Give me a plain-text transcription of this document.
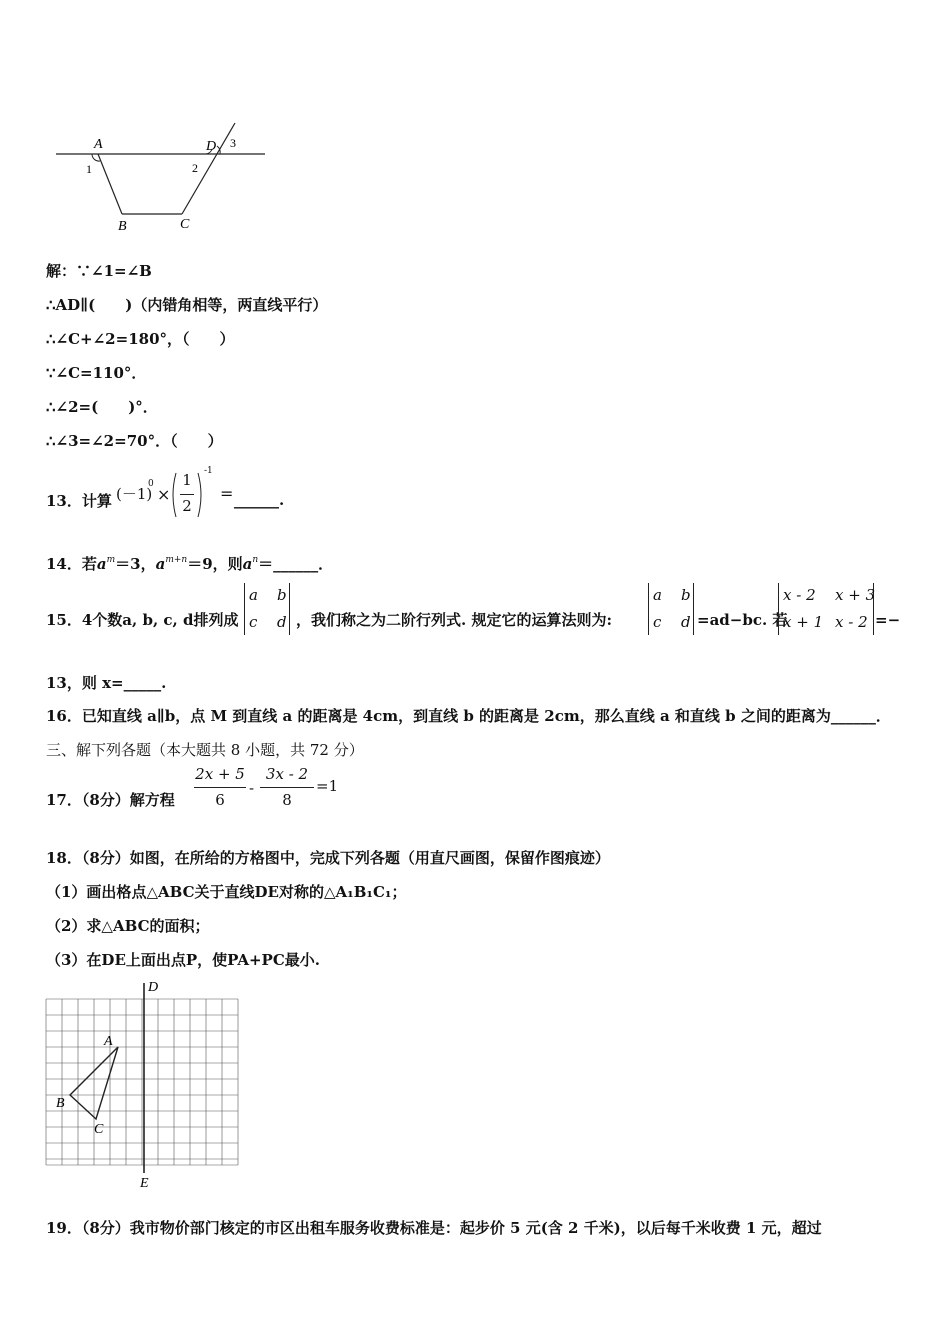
A
1
B	C
D
2
3
解：∵∠1=∠B
∴AD∥(　　)（内错角相等，两直线平行）
∴∠C+∠2=180°，（　　）
∵∠C=110°．
∴∠2=(　　)°．
∴∠3=∠2=70°．（　　）
13．计算 (－1)
0
×
1
2
-1
= ______.
14．若$a^m=3$，$a^{m+n}=9$，则$a^n=\_\_\_\_\_\_$．
15．4个数a, b, c, d排列成
a b
c d ，我们称之为二阶行列式. 规定它的运算法则为:
a b
c d =ad−bc. 若
x - 2 x + 3
x + 1 x - 2 =−
13，则 x=_____.
16．已知直线 a∥b，点 M 到直线 a 的距离是 4cm，到直线 b 的距离是 2cm，那么直线 a 和直线 b 之间的距离为______．
三、解下列各题（本大题共 8 小题，共 72 分）
17．（8分）解方程
2x + 5
6
-
3x - 2
8
=1
18．（8分）如图，在所给的方格图中，完成下列各题（用直尺画图，保留作图痕迹）
（1）画出格点△ABC关于直线DE对称的△A₁B₁C₁；
（2）求△ABC的面积；
（3）在DE上面出点P，使PA+PC最小.
D
E
A
B
C
19．（8分）我市物价部门核定的市区出租车服务收费标准是：起步价 5 元(含 2 千米)，以后每千米收费 1 元，超过
